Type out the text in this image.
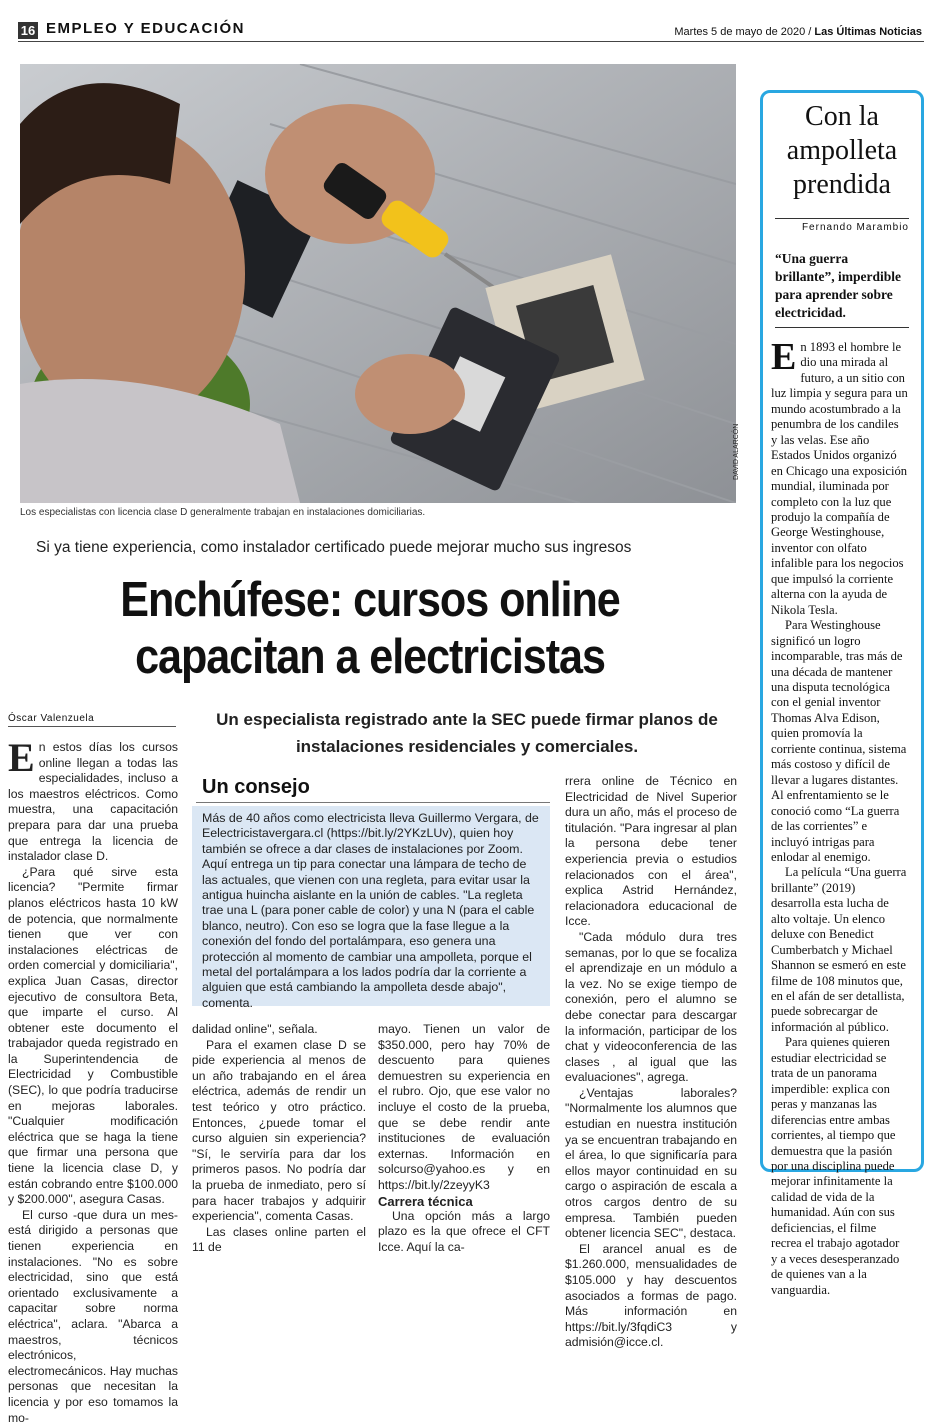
16 EMPLEO Y EDUCACIÓN	Martes 5 de mayo de 2020 / Las Últimas Noticias
DAVID ALARCÓN
Los especialistas con licencia clase D generalmente trabajan en instalaciones domiciliarias.
Si ya tiene experiencia, como instalador certificado puede mejorar mucho sus ingresos
Enchúfese: cursos online
capacitan a electricistas
Óscar Valenzuela	Un especialista registrado ante la SEC puede firmar planos de
instalaciones residenciales y comerciales.

En estos días los cursos online llegan a todas las especialidades, incluso a los maestros eléctricos. Como muestra, una capacitación prepara para dar una prueba que entrega la licencia de instalador clase D.

¿Para qué sirve esta licencia? "Permite firmar planos eléctricos hasta 10 kW de potencia, que normalmente tienen que ver con instalaciones eléctricas de orden comercial y domiciliaria", explica Juan Casas, director ejecutivo de consultora Beta, que imparte el curso. Al obtener este documento el trabajador queda registrado en la Superintendencia de Electricidad y Combustible (SEC), lo que podría traducirse en mejoras laborales. "Cualquier modificación eléctrica que se haga la tiene que firmar una persona que tiene la licencia clase D, y están cobrando entre $100.000 y $200.000", asegura Casas.

El curso -que dura un mes- está dirigido a personas que tienen experiencia en instalaciones. "No es sobre electricidad, sino que está orientado exclusivamente a capacitar sobre norma eléctrica", aclara. "Abarca a maestros, técnicos electrónicos, electromecánicos. Hay muchas personas que necesitan la licencia y por eso tomamos la mo-

Un consejo
Más de 40 años como electricista lleva Guillermo Vergara, de Eelectricistavergara.cl (https://bit.ly/2YKzLUv), quien hoy también se ofrece a dar clases de instalaciones por Zoom. Aquí entrega un tip para conectar una lámpara de techo de las actuales, que vienen con una regleta, para evitar usar la antigua huincha aislante en la unión de cables. "La regleta trae una L (para poner cable de color) y una N (para el cable blanco, neutro). Con eso se logra que la fase llegue a la conexión del fondo del portalámpara, eso genera una protección al momento de cambiar una ampolleta, porque el metal del portalámpara a los lados podría dar la corriente a alguien que está cambiando la ampolleta desde abajo", comenta.

dalidad online", señala.

Para el examen clase D se pide experiencia al menos de un año trabajando en el área eléctrica, además de rendir un test teórico y otro práctico. Entonces, ¿puede tomar el curso alguien sin experiencia? "Sí, le serviría para dar los primeros pasos. No podría dar la prueba de inmediato, pero sí para hacer trabajos y adquirir experiencia", comenta Casas.

Las clases online parten el 11 de

mayo. Tienen un valor de $350.000, pero hay 70% de descuento para quienes demuestren su experiencia en el rubro. Ojo, que ese valor no incluye el costo de la prueba, que se debe rendir ante instituciones de evaluación externas. Información en solcurso@yahoo.es y en https://bit.ly/2zeyyK3

Carrera técnica

Una opción más a largo plazo es la que ofrece el CFT Icce. Aquí la ca-

rrera online de Técnico en Electricidad de Nivel Superior dura un año, más el proceso de titulación. "Para ingresar al plan la persona debe tener experiencia previa o estudios relacionados con el área", explica Astrid Hernández, relacionadora educacional de Icce.

"Cada módulo dura tres semanas, por lo que se focaliza el aprendizaje en un módulo a la vez. No se exige tiempo de conexión, pero el alumno se debe conectar para descargar la información, participar de los chat y videoconferencia de las clases , al igual que las evaluaciones", agrega.

¿Ventajas laborales? "Normalmente los alumnos que estudian en nuestra institución ya se encuentran trabajando en el área, lo que significaría para ellos mayor continuidad en su cargo o aspiración de escala a otros cargos dentro de su empresa. También pueden obtener licencia SEC", destaca.

El arancel anual es de $1.260.000, mensualidades de $105.000 y hay descuentos asociados a formas de pago. Más información en https://bit.ly/3fqdiC3 y admisión@icce.cl.

Con la
ampolleta
prendida
Fernando Marambio
“Una guerra brillante”, imperdible para aprender sobre electricidad.

En 1893 el hombre le dio una mirada al futuro, a un sitio con luz limpia y segura para un mundo acostumbrado a la penumbra de los candiles y las velas. Ese año Estados Unidos organizó en Chicago una exposición mundial, iluminada por completo con la luz que produjo la compañía de George Westinghouse, inventor con olfato infalible para los negocios que impulsó la corriente alterna con la ayuda de Nikola Tesla.

Para Westinghouse significó un logro incomparable, tras más de una década de mantener una disputa tecnológica con el genial inventor Thomas Alva Edison, quien promovía la corriente continua, sistema más costoso y difícil de llevar a lugares distantes. Al enfrentamiento se le conoció como “La guerra de las corrientes” e incluyó intrigas para enlodar al enemigo.

La película “Una guerra brillante” (2019) desarrolla esta lucha de alto voltaje. Un elenco deluxe con Benedict Cumberbatch y Michael Shannon se esmeró en este filme de 108 minutos que, en el afán de ser detallista, puede sobrecargar de información al público.

Para quienes quieren estudiar electricidad se trata de un panorama imperdible: explica con peras y manzanas las diferencias entre ambas corrientes, al tiempo que demuestra que la pasión por una disciplina puede mejorar infinitamente la calidad de vida de la humanidad. Aún con sus deficiencias, el filme recrea el trabajo agotador y a veces desesperanzado de quienes van a la vanguardia.
